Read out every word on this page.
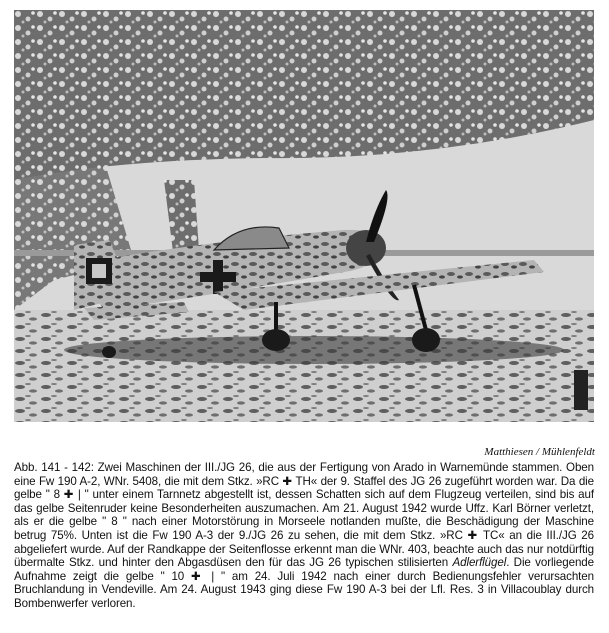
Matthiesen / Mühlenfeldt

Abb. 141 - 142: Zwei Maschinen der III./JG 26, die aus der Fertigung von Arado in Warnemünde stammen. Oben eine Fw 190 A-2, WNr. 5408, die mit dem Stkz. »RC ✚ TH« der 9. Staffel des JG 26 zugeführt worden war. Da die gelbe " 8 ✚ | " unter einem Tarnnetz abgestellt ist, dessen Schatten sich auf dem Flugzeug verteilen, sind bis auf das gelbe Seitenruder keine Besonderheiten auszumachen. Am 21. August 1942 wurde Uffz. Karl Börner verletzt, als er die gelbe " 8 " nach einer Motorstörung in Morseele notlanden mußte, die Beschädigung der Maschine betrug 75%. Unten ist die Fw 190 A-3 der 9./JG 26 zu sehen, die mit dem Stkz. »RC ✚ TC« an die III./JG 26 abgeliefert wurde. Auf der Randkappe der Seitenflosse erkennt man die WNr. 403, beachte auch das nur notdürftig übermalte Stkz. und hinter den Abgasdüsen den für das JG 26 typischen stilisierten Adlerflügel. Die vorliegende Aufnahme zeigt die gelbe " 10 ✚ | " am 24. Juli 1942 nach einer durch Bedienungsfehler verursachten Bruchlandung in Vendeville. Am 24. August 1943 ging diese Fw 190 A-3 bei der Lfl. Res. 3 in Villacoublay durch Bombenwerfer verloren.
